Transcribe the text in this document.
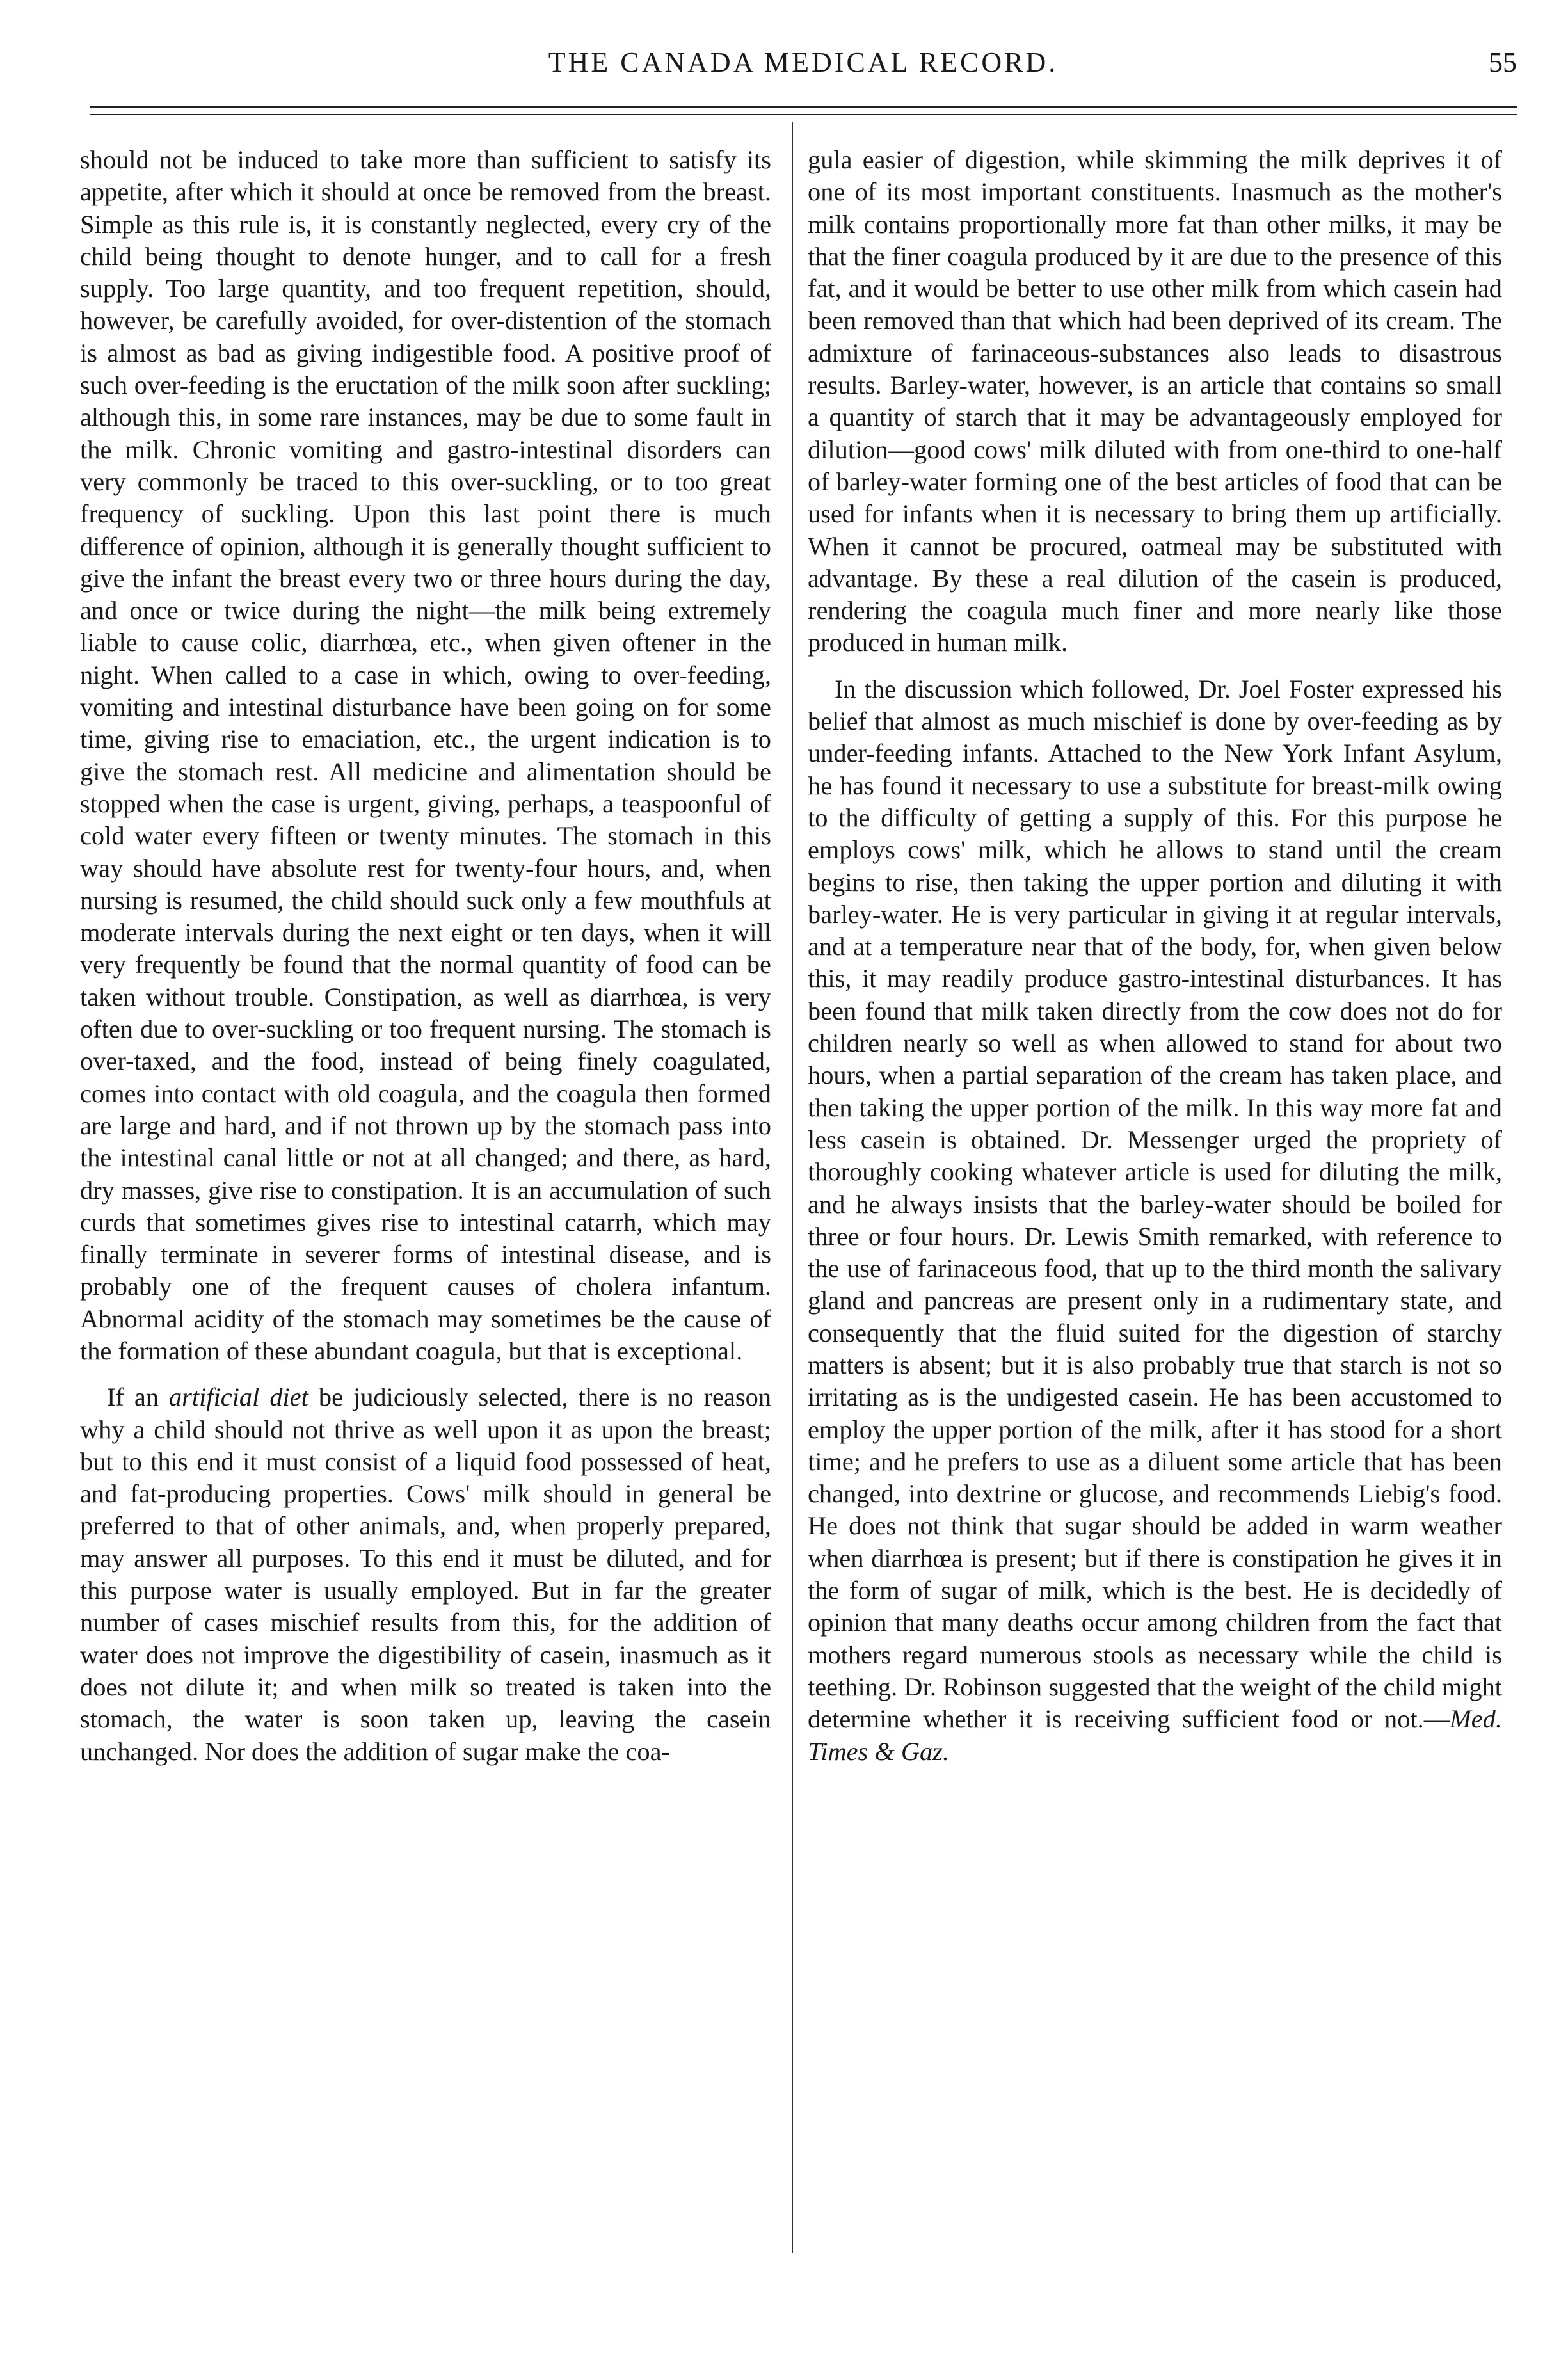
THE CANADA MEDICAL RECORD.	55

should not be induced to take more than sufficient to satisfy its appetite, after which it should at once be removed from the breast. Simple as this rule is, it is constantly neglected, every cry of the child being thought to denote hunger, and to call for a fresh supply. Too large quantity, and too frequent repetition, should, however, be carefully avoided, for over-distention of the stomach is almost as bad as giving indigestible food. A positive proof of such over-feeding is the eructation of the milk soon after suckling; although this, in some rare instances, may be due to some fault in the milk. Chronic vomiting and gastro-intestinal disorders can very commonly be traced to this over-suckling, or to too great frequency of suckling. Upon this last point there is much difference of opinion, although it is generally thought sufficient to give the infant the breast every two or three hours during the day, and once or twice during the night—the milk being extremely liable to cause colic, diarrhœa, etc., when given oftener in the night. When called to a case in which, owing to over-feeding, vomiting and intestinal disturbance have been going on for some time, giving rise to emaciation, etc., the urgent indication is to give the stomach rest. All medicine and alimentation should be stopped when the case is urgent, giving, perhaps, a teaspoonful of cold water every fifteen or twenty minutes. The stomach in this way should have absolute rest for twenty-four hours, and, when nursing is resumed, the child should suck only a few mouthfuls at moderate intervals during the next eight or ten days, when it will very frequently be found that the normal quantity of food can be taken without trouble. Constipation, as well as diarrhœa, is very often due to over-suckling or too frequent nursing. The stomach is over-taxed, and the food, instead of being finely coagulated, comes into contact with old coagula, and the coagula then formed are large and hard, and if not thrown up by the stomach pass into the intestinal canal little or not at all changed; and there, as hard, dry masses, give rise to constipation. It is an accumulation of such curds that sometimes gives rise to intestinal catarrh, which may finally terminate in severer forms of intestinal disease, and is probably one of the frequent causes of cholera infantum. Abnormal acidity of the stomach may sometimes be the cause of the formation of these abundant coagula, but that is exceptional.

If an artificial diet be judiciously selected, there is no reason why a child should not thrive as well upon it as upon the breast; but to this end it must consist of a liquid food possessed of heat, and fat-producing properties. Cows' milk should in general be preferred to that of other animals, and, when properly prepared, may answer all purposes. To this end it must be diluted, and for this purpose water is usually employed. But in far the greater number of cases mischief results from this, for the addition of water does not improve the digestibility of casein, inasmuch as it does not dilute it; and when milk so treated is taken into the stomach, the water is soon taken up, leaving the casein unchanged. Nor does the addition of sugar make the coa-

gula easier of digestion, while skimming the milk deprives it of one of its most important constituents. Inasmuch as the mother's milk contains proportionally more fat than other milks, it may be that the finer coagula produced by it are due to the presence of this fat, and it would be better to use other milk from which casein had been removed than that which had been deprived of its cream. The admixture of farinaceous-substances also leads to disastrous results. Barley-water, however, is an article that contains so small a quantity of starch that it may be advantageously employed for dilution—good cows' milk diluted with from one-third to one-half of barley-water forming one of the best articles of food that can be used for infants when it is necessary to bring them up artificially. When it cannot be procured, oatmeal may be substituted with advantage. By these a real dilution of the casein is produced, rendering the coagula much finer and more nearly like those produced in human milk.

In the discussion which followed, Dr. Joel Foster expressed his belief that almost as much mischief is done by over-feeding as by under-feeding infants. Attached to the New York Infant Asylum, he has found it necessary to use a substitute for breast-milk owing to the difficulty of getting a supply of this. For this purpose he employs cows' milk, which he allows to stand until the cream begins to rise, then taking the upper portion and diluting it with barley-water. He is very particular in giving it at regular intervals, and at a temperature near that of the body, for, when given below this, it may readily produce gastro-intestinal disturbances. It has been found that milk taken directly from the cow does not do for children nearly so well as when allowed to stand for about two hours, when a partial separation of the cream has taken place, and then taking the upper portion of the milk. In this way more fat and less casein is obtained. Dr. Messenger urged the propriety of thoroughly cooking whatever article is used for diluting the milk, and he always insists that the barley-water should be boiled for three or four hours. Dr. Lewis Smith remarked, with reference to the use of farinaceous food, that up to the third month the salivary gland and pancreas are present only in a rudimentary state, and consequently that the fluid suited for the digestion of starchy matters is absent; but it is also probably true that starch is not so irritating as is the undigested casein. He has been accustomed to employ the upper portion of the milk, after it has stood for a short time; and he prefers to use as a diluent some article that has been changed, into dextrine or glucose, and recommends Liebig's food. He does not think that sugar should be added in warm weather when diarrhœa is present; but if there is constipation he gives it in the form of sugar of milk, which is the best. He is decidedly of opinion that many deaths occur among children from the fact that mothers regard numerous stools as necessary while the child is teething. Dr. Robinson suggested that the weight of the child might determine whether it is receiving sufficient food or not.—Med. Times & Gaz.
